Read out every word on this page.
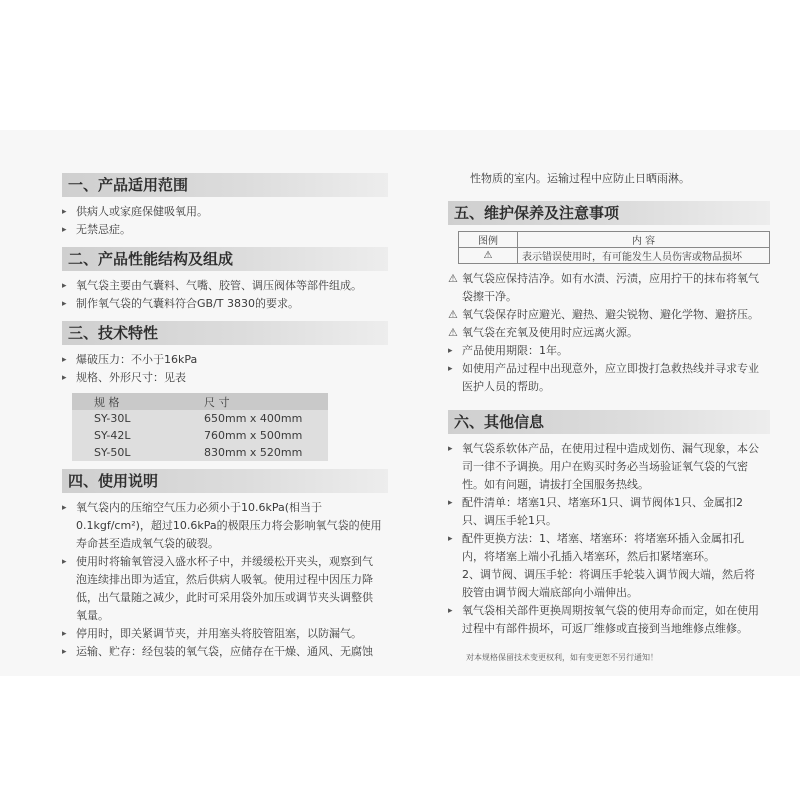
一、产品适用范围
▸ 供病人或家庭保健吸氧用。
▸ 无禁忌症。
二、产品性能结构及组成
▸ 氧气袋主要由气囊料、气嘴、胶管、调压阀体等部件组成。
▸ 制作氧气袋的气囊料符合GB/T 3830的要求。
三、技术特性
▸ 爆破压力：不小于16kPa
▸ 规格、外形尺寸：见表
规 格	尺 寸
SY-30L	650mm x 400mm
SY-42L	760mm x 500mm
SY-50L	830mm x 520mm
四、使用说明
▸ 氧气袋内的压缩空气压力必须小于10.6kPa(相当于
0.1kgf/cm²)，超过10.6kPa的极限压力将会影响氧气袋的使用
寿命甚至造成氧气袋的破裂。
▸ 使用时将输氧管浸入盛水杯子中，并缓缓松开夹头，观察到气
泡连续排出即为适宜，然后供病人吸氧。使用过程中因压力降
低，出气量随之减少，此时可采用袋外加压或调节夹头调整供
氧量。
▸ 停用时，即关紧调节夹，并用塞头将胶管阻塞，以防漏气。
▸ 运输、贮存：经包装的氧气袋，应储存在干燥、通风、无腐蚀
性物质的室内。运输过程中应防止日晒雨淋。
五、维护保养及注意事项
图例	内 容
⚠	表示错误使用时，有可能发生人员伤害或物品损坏
⚠ 氧气袋应保持洁净。如有水渍、污渍，应用拧干的抹布将氧气
袋擦干净。
⚠ 氧气袋保存时应避光、避热、避尖锐物、避化学物、避挤压。
⚠ 氧气袋在充氧及使用时应远离火源。
▸ 产品使用期限：1年。
▸ 如使用产品过程中出现意外，应立即拨打急救热线并寻求专业
医护人员的帮助。
六、其他信息
▸ 氧气袋系软体产品，在使用过程中造成划伤、漏气现象，本公
司一律不予调换。用户在购买时务必当场验证氧气袋的气密
性。如有问题，请拔打全国服务热线。
▸ 配件清单：堵塞1只、堵塞环1只、调节阀体1只、金属扣2
只、调压手轮1只。
▸ 配件更换方法：1、堵塞、堵塞环：将堵塞环插入金属扣孔
内，将堵塞上端小孔插入堵塞环，然后扣紧堵塞环。
2、调节阀、调压手轮：将调压手轮装入调节阀大端，然后将
胶管由调节阀大端底部向小端伸出。
▸ 氧气袋相关部件更换周期按氧气袋的使用寿命而定，如在使用
过程中有部件损坏，可返厂维修或直接到当地维修点维修。
对本规格保留技术变更权利，如有变更恕不另行通知！
